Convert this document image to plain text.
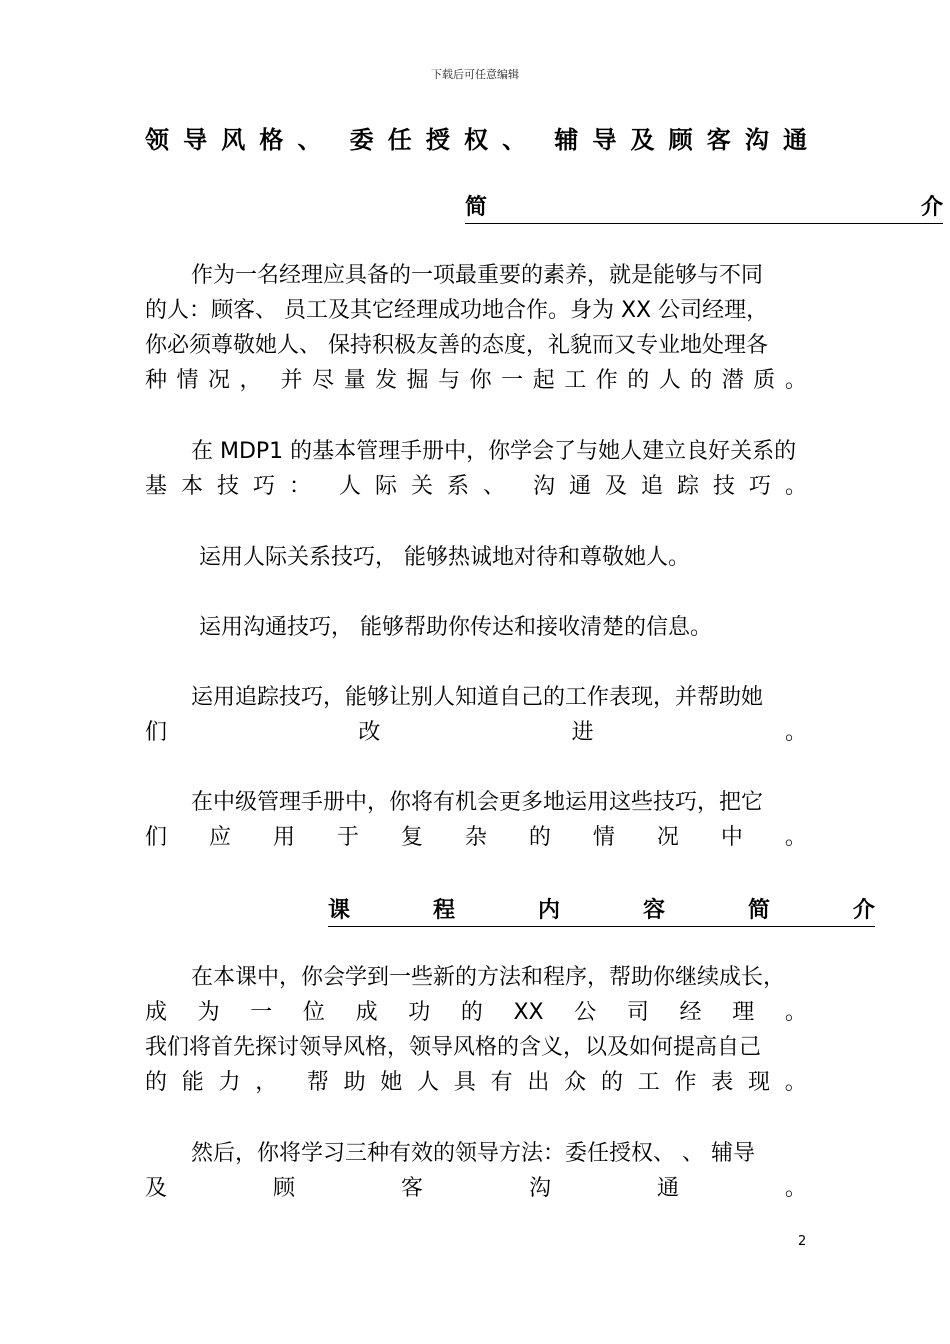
下载后可任意编辑
领 导 风 格 、 委 任 授 权 、 辅 导 及 顾 客 沟 通
简	介
作为一名经理应具备的一项最重要的素养，就是能够与不同
的人：顾客、 员工及其它经理成功地合作。身为 XX 公司经理，
你必须尊敬她人、 保持积极友善的态度，礼貌而又专业地处理各
种 情 况 ， 并 尽 量 发 掘 与 你 一 起 工 作 的 人 的 潜 质 。
在 MDP1 的基本管理手册中，你学会了与她人建立良好关系的
基 本 技 巧 ： 人 际 关 系 、 沟 通 及 追 踪 技 巧 。
运用人际关系技巧， 能够热诚地对待和尊敬她人。
运用沟通技巧， 能够帮助你传达和接收清楚的信息。
运用追踪技巧，能够让别人知道自己的工作表现，并帮助她
们	改	进	。
在中级管理手册中，你将有机会更多地运用这些技巧，把它
们 应 用 于 复 杂 的 情 况 中 。
课	程	内	容	简	介
在本课中，你会学到一些新的方法和程序，帮助你继续成长，
成 为 一 位 成 功 的 XX 公 司 经 理 。
我们将首先探讨领导风格，领导风格的含义，以及如何提高自己
的 能 力 ， 帮 助 她 人 具 有 出 众 的 工 作 表 现 。
然后，你将学习三种有效的领导方法：委任授权、 、 辅导
及	顾	客	沟	通	。
2
